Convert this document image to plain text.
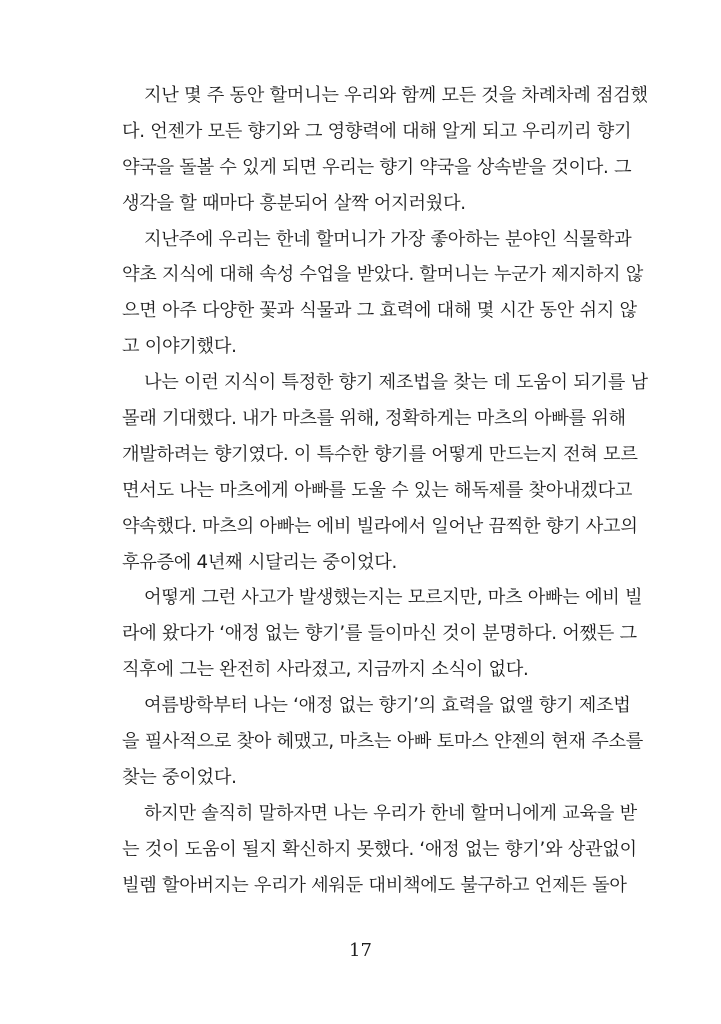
지난 몇 주 동안 할머니는 우리와 함께 모든 것을 차례차례 점검했
다. 언젠가 모든 향기와 그 영향력에 대해 알게 되고 우리끼리 향기
약국을 돌볼 수 있게 되면 우리는 향기 약국을 상속받을 것이다. 그
생각을 할 때마다 흥분되어 살짝 어지러웠다.
지난주에 우리는 한네 할머니가 가장 좋아하는 분야인 식물학과
약초 지식에 대해 속성 수업을 받았다. 할머니는 누군가 제지하지 않
으면 아주 다양한 꽃과 식물과 그 효력에 대해 몇 시간 동안 쉬지 않
고 이야기했다.
나는 이런 지식이 특정한 향기 제조법을 찾는 데 도움이 되기를 남
몰래 기대했다. 내가 마츠를 위해, 정확하게는 마츠의 아빠를 위해
개발하려는 향기였다. 이 특수한 향기를 어떻게 만드는지 전혀 모르
면서도 나는 마츠에게 아빠를 도울 수 있는 해독제를 찾아내겠다고
약속했다. 마츠의 아빠는 에비 빌라에서 일어난 끔찍한 향기 사고의
후유증에 4년째 시달리는 중이었다.
어떻게 그런 사고가 발생했는지는 모르지만, 마츠 아빠는 에비 빌
라에 왔다가 ‘애정 없는 향기’를 들이마신 것이 분명하다. 어쨌든 그
직후에 그는 완전히 사라졌고, 지금까지 소식이 없다.
여름방학부터 나는 ‘애정 없는 향기’의 효력을 없앨 향기 제조법
을 필사적으로 찾아 헤맸고, 마츠는 아빠 토마스 얀젠의 현재 주소를
찾는 중이었다.
하지만 솔직히 말하자면 나는 우리가 한네 할머니에게 교육을 받
는 것이 도움이 될지 확신하지 못했다. ‘애정 없는 향기’와 상관없이
빌렘 할아버지는 우리가 세워둔 대비책에도 불구하고 언제든 돌아
17
